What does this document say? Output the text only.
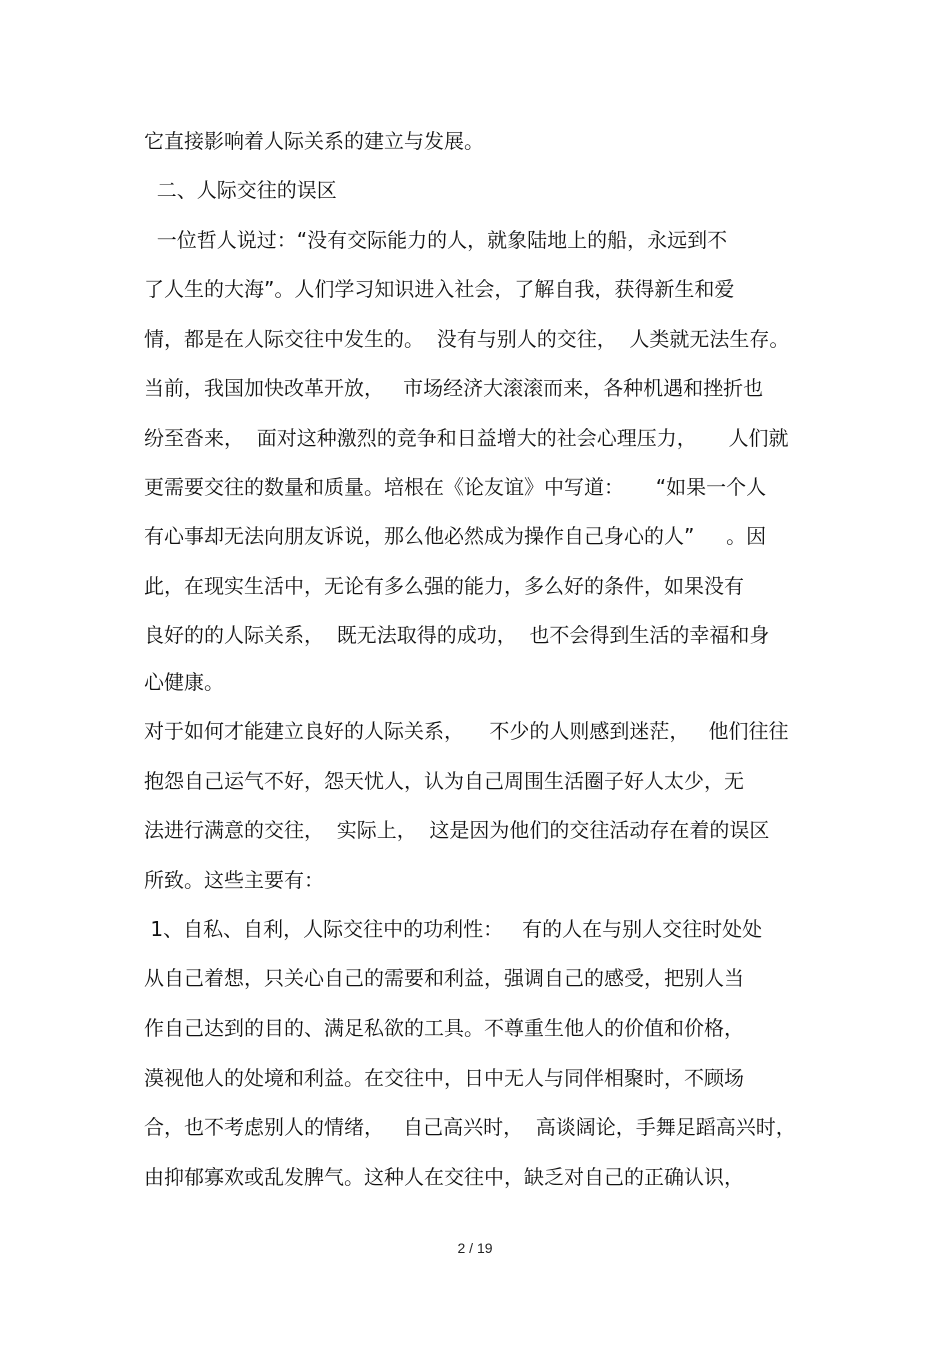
它直接影响着人际关系的建立与发展。
二、人际交往的误区
一位哲人说过：“没有交际能力的人，就象陆地上的船，永远到不
了人生的大海”。人们学习知识进入社会，了解自我，获得新生和爱
情，都是在人际交往中发生的。  没有与别人的交往，  人类就无法生存。
当前，我国加快改革开放，   市场经济大滚滚而来，各种机遇和挫折也
纷至沓来，  面对这种激烈的竞争和日益增大的社会心理压力，     人们就
更需要交往的数量和质量。培根在《论友谊》中写道：     “如果一个人
有心事却无法向朋友诉说，那么他必然成为操作自己身心的人”     。因
此，在现实生活中，无论有多么强的能力，多么好的条件，如果没有
良好的的人际关系，  既无法取得的成功，  也不会得到生活的幸福和身
心健康。
对于如何才能建立良好的人际关系，    不少的人则感到迷茫，   他们往往
抱怨自己运气不好，怨天忧人，认为自己周围生活圈子好人太少，无
法进行满意的交往，  实际上，  这是因为他们的交往活动存在着的误区
所致。这些主要有：
1、自私、自利，人际交往中的功利性：   有的人在与别人交往时处处
从自己着想，只关心自己的需要和利益，强调自己的感受，把别人当
作自己达到的目的、满足私欲的工具。不尊重生他人的价值和价格，
漠视他人的处境和利益。在交往中，日中无人与同伴相聚时，不顾场
合，也不考虑别人的情绪，   自己高兴时，  高谈阔论，手舞足蹈高兴时，
由抑郁寡欢或乱发脾气。这种人在交往中，缺乏对自己的正确认识，
2 / 19
